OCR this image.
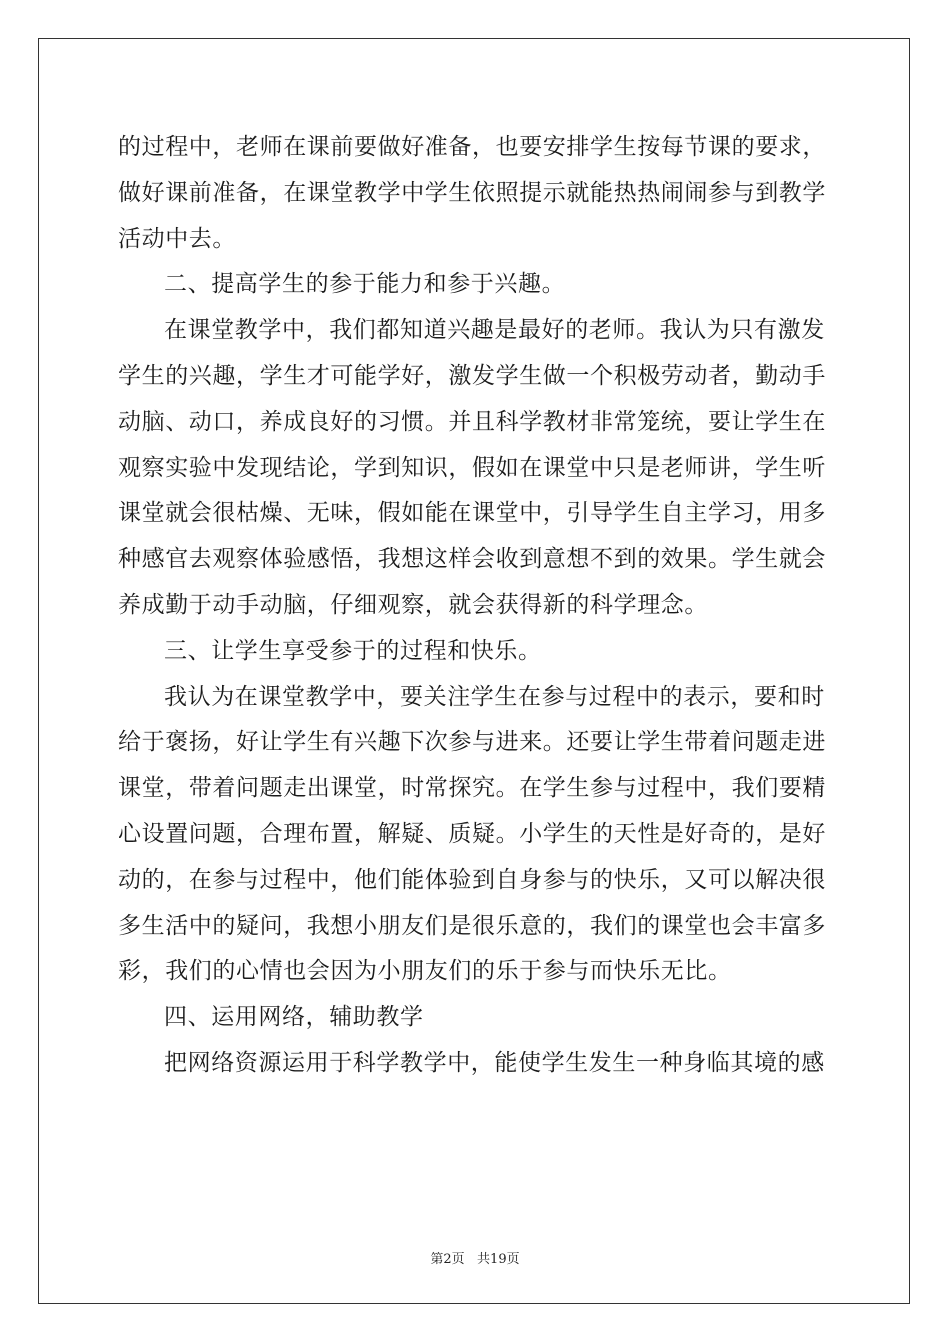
的过程中，老师在课前要做好准备，也要安排学生按每节课的要求，
做好课前准备，在课堂教学中学生依照提示就能热热闹闹参与到教学
活动中去。
二、提高学生的参于能力和参于兴趣。
在课堂教学中，我们都知道兴趣是最好的老师。我认为只有激发
学生的兴趣，学生才可能学好，激发学生做一个积极劳动者，勤动手
动脑、动口，养成良好的习惯。并且科学教材非常笼统，要让学生在
观察实验中发现结论，学到知识，假如在课堂中只是老师讲，学生听
课堂就会很枯燥、无味，假如能在课堂中，引导学生自主学习，用多
种感官去观察体验感悟，我想这样会收到意想不到的效果。学生就会
养成勤于动手动脑，仔细观察，就会获得新的科学理念。
三、让学生享受参于的过程和快乐。
我认为在课堂教学中，要关注学生在参与过程中的表示，要和时
给于褒扬，好让学生有兴趣下次参与进来。还要让学生带着问题走进
课堂，带着问题走出课堂，时常探究。在学生参与过程中，我们要精
心设置问题，合理布置，解疑、质疑。小学生的天性是好奇的，是好
动的，在参与过程中，他们能体验到自身参与的快乐，又可以解决很
多生活中的疑问，我想小朋友们是很乐意的，我们的课堂也会丰富多
彩，我们的心情也会因为小朋友们的乐于参与而快乐无比。
四、运用网络，辅助教学
把网络资源运用于科学教学中，能使学生发生一种身临其境的感
第2页   共19页
